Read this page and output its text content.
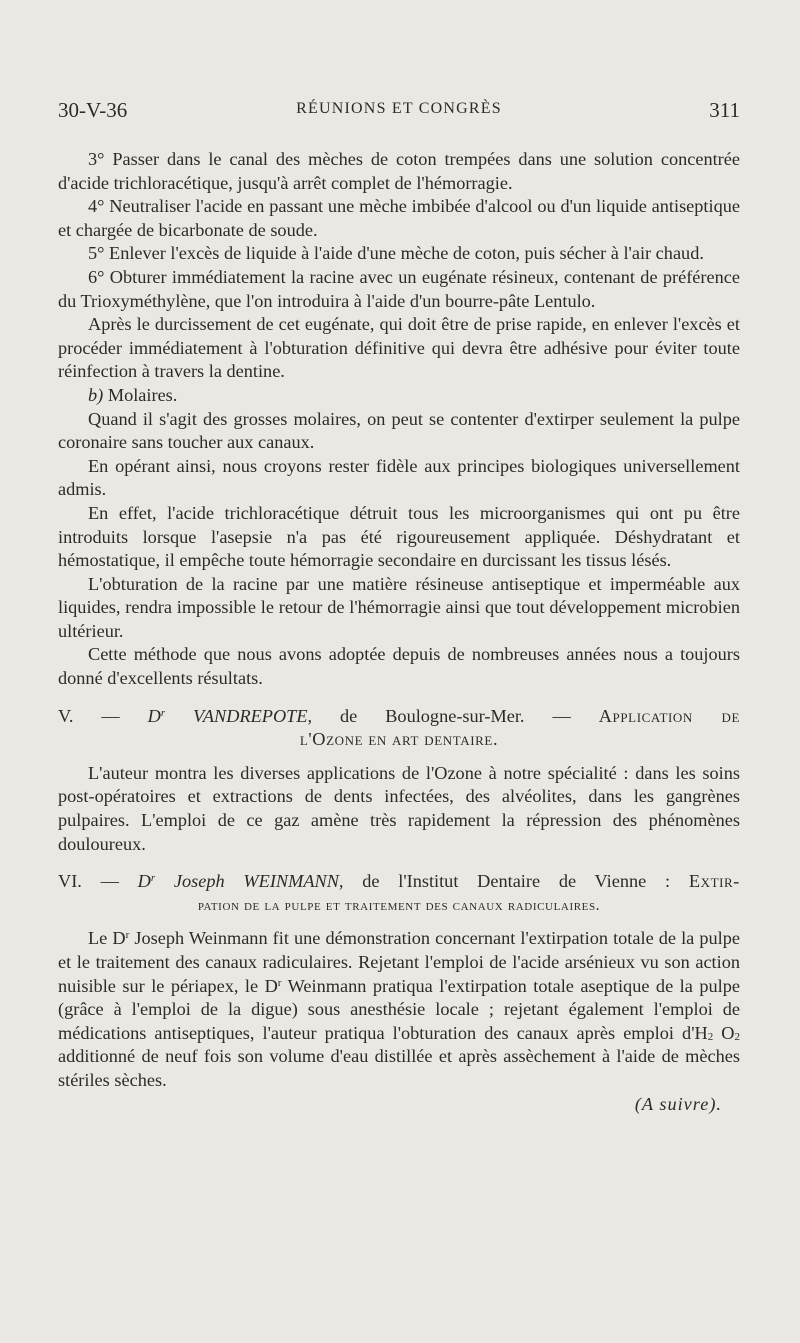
30-V-36	RÉUNIONS ET CONGRÈS	311

3° Passer dans le canal des mèches de coton trempées dans une solution concentrée d'acide trichloracétique, jusqu'à arrêt complet de l'hémorragie.

4° Neutraliser l'acide en passant une mèche imbibée d'alcool ou d'un liquide antiseptique et chargée de bicarbonate de soude.

5° Enlever l'excès de liquide à l'aide d'une mèche de coton, puis sécher à l'air chaud.

6° Obturer immédiatement la racine avec un eugénate résineux, contenant de préférence du Trioxyméthylène, que l'on introduira à l'aide d'un bourre-pâte Lentulo.

Après le durcissement de cet eugénate, qui doit être de prise rapide, en enlever l'excès et procéder immédiatement à l'obturation définitive qui devra être adhésive pour éviter toute réinfection à travers la dentine.

b) Molaires.

Quand il s'agit des grosses molaires, on peut se contenter d'extirper seulement la pulpe coronaire sans toucher aux canaux.

En opérant ainsi, nous croyons rester fidèle aux principes biologiques universellement admis.

En effet, l'acide trichloracétique détruit tous les microorganismes qui ont pu être introduits lorsque l'asepsie n'a pas été rigoureusement appliquée. Déshydratant et hémostatique, il empêche toute hémorragie secondaire en durcissant les tissus lésés.

L'obturation de la racine par une matière résineuse antiseptique et imperméable aux liquides, rendra impossible le retour de l'hémorragie ainsi que tout développement microbien ultérieur.

Cette méthode que nous avons adoptée depuis de nombreuses années nous a toujours donné d'excellents résultats.

V. — $D^r$ VANDREPOTE, de Boulogne-sur-Mer. — Application de

l'Ozone en art dentaire.

L'auteur montra les diverses applications de l'Ozone à notre spécialité : dans les soins post-opératoires et extractions de dents infectées, des alvéolites, dans les gangrènes pulpaires. L'emploi de ce gaz amène très rapidement la répression des phénomènes douloureux.

VI. — $D^r$ Joseph WEINMANN, de l'Institut Dentaire de Vienne : Extir-

pation de la pulpe et traitement des canaux radiculaires.

Le $D^r$ Joseph Weinmann fit une démonstration concernant l'extirpation totale de la pulpe et le traitement des canaux radiculaires. Rejetant l'emploi de l'acide arsénieux vu son action nuisible sur le périapex, le $D^r$ Weinmann pratiqua l'extirpation totale aseptique de la pulpe (grâce à l'emploi de la digue) sous anesthésie locale ; rejetant également l'emploi de médications antiseptiques, l'auteur pratiqua l'obturation des canaux après emploi $d'H_2$ $O_2$ additionné de neuf fois son volume d'eau distillée et après assèchement à l'aide de mèches stériles sèches.

(A suivre).
